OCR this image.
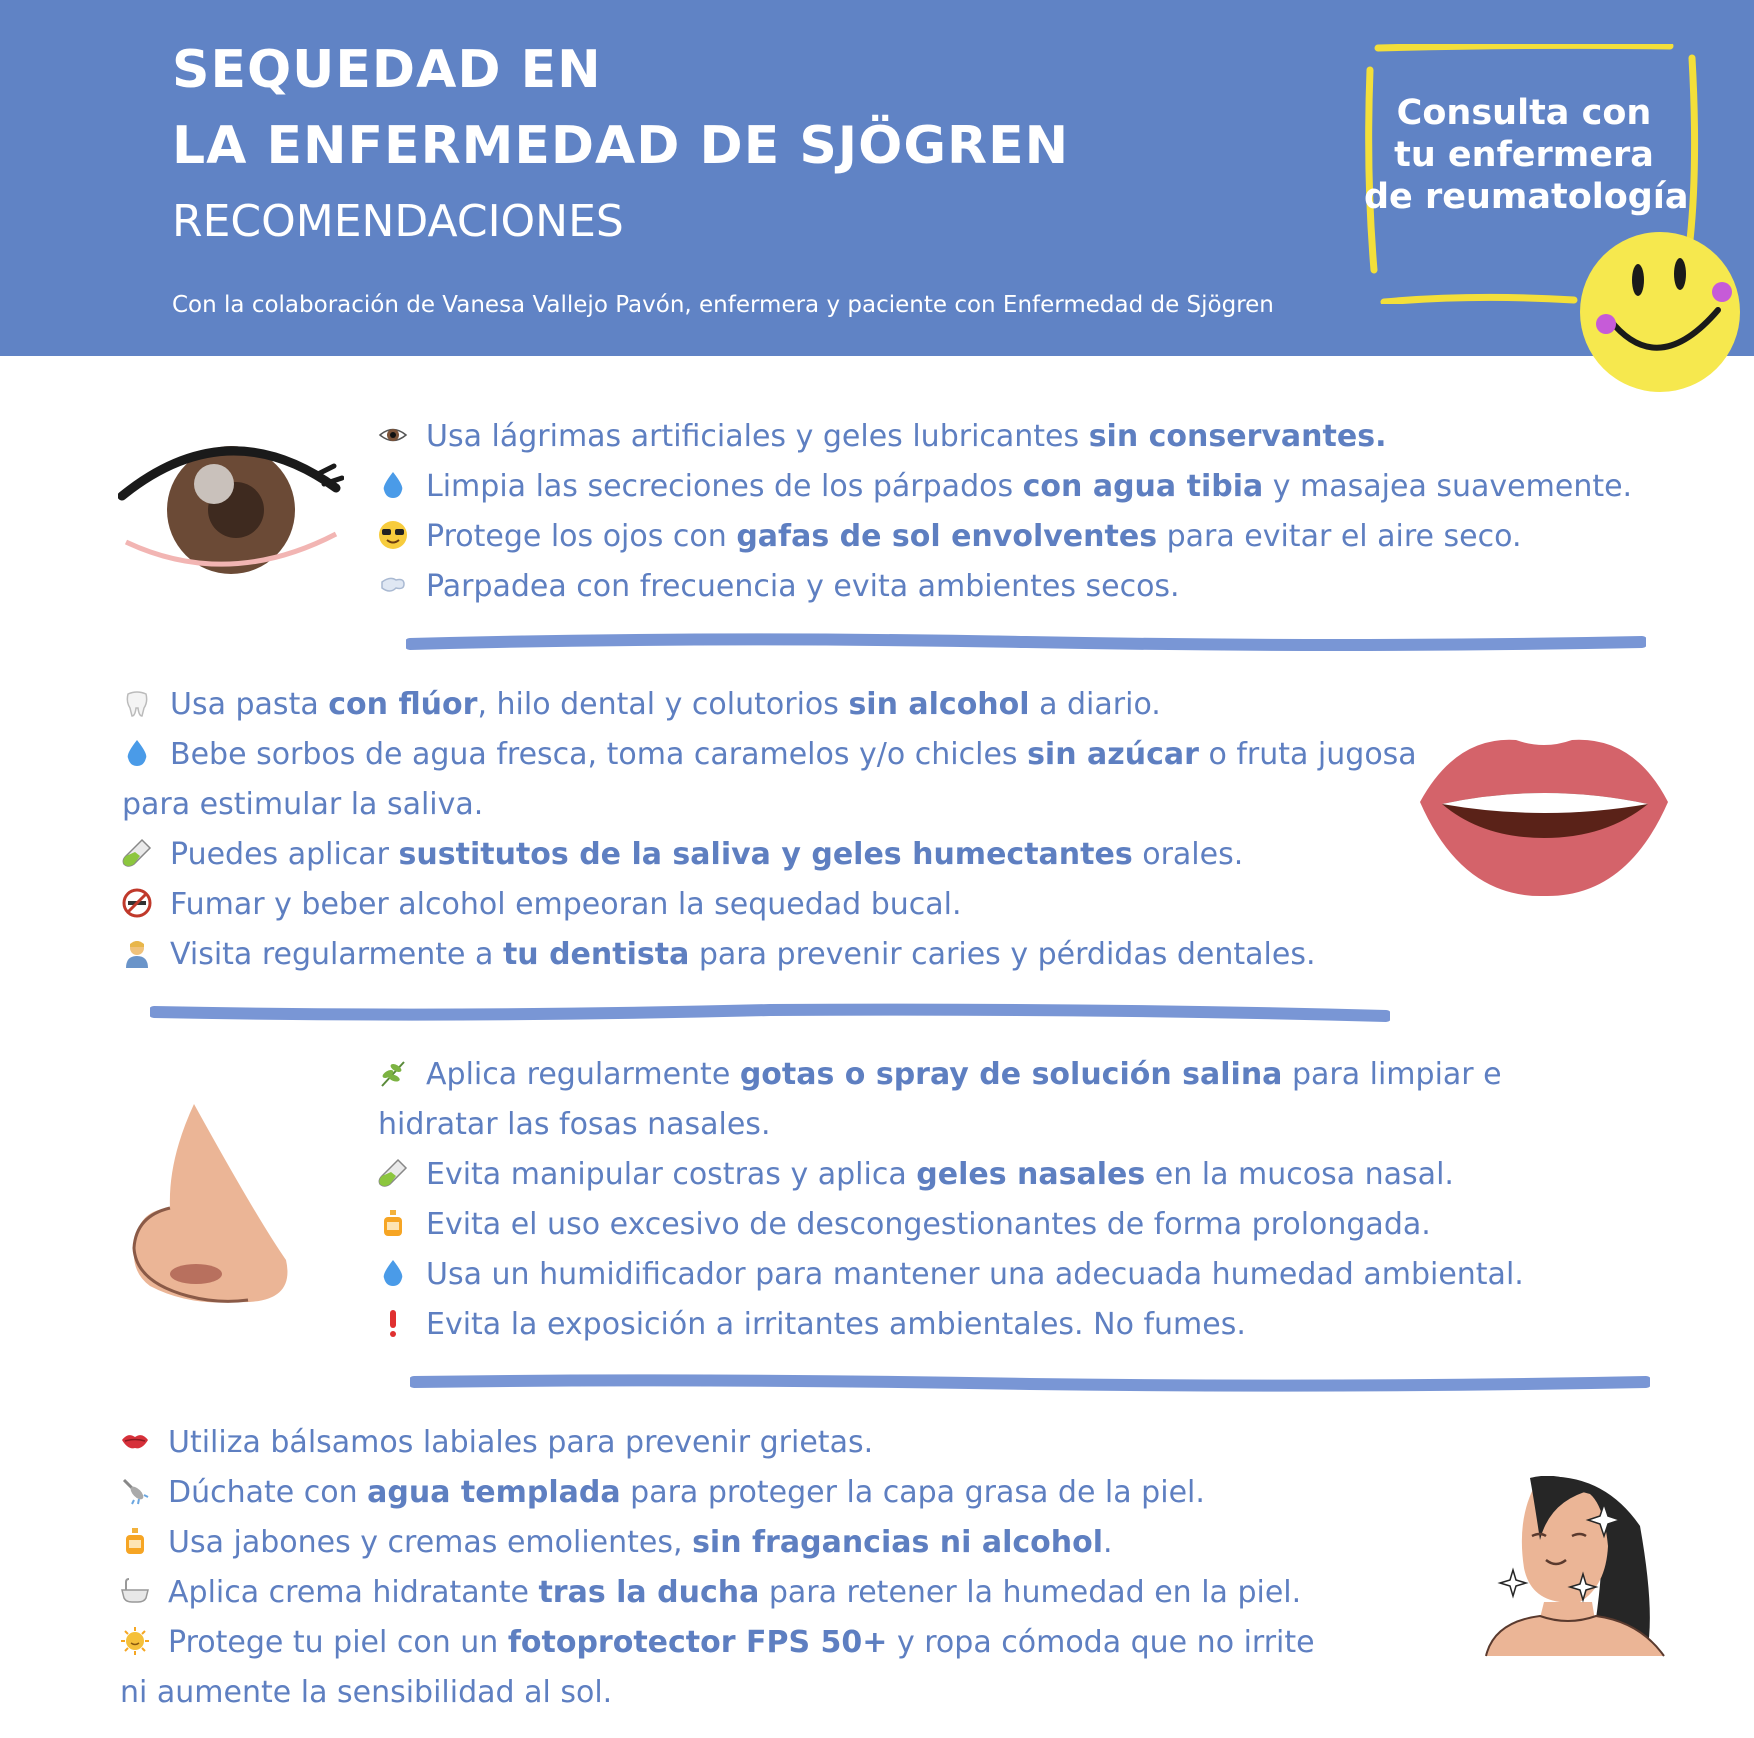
SEQUEDAD EN
LA ENFERMEDAD DE SJÖGREN
RECOMENDACIONES
Con la colaboración de Vanesa Vallejo Pavón, enfermera y paciente con Enfermedad de Sjögren
Consulta con
tu enfermera
de reumatología
Usa lágrimas artificiales y geles lubricantes sin conservantes.
Limpia las secreciones de los párpados con agua tibia y masajea suavemente.
Protege los ojos con gafas de sol envolventes para evitar el aire seco.
Parpadea con frecuencia y evita ambientes secos.
Usa pasta con flúor, hilo dental y colutorios sin alcohol a diario.
Bebe sorbos de agua fresca, toma caramelos y/o chicles sin azúcar o fruta jugosa
para estimular la saliva.
Puedes aplicar sustitutos de la saliva y geles humectantes orales.
Fumar y beber alcohol empeoran la sequedad bucal.
Visita regularmente a tu dentista para prevenir caries y pérdidas dentales.
Aplica regularmente gotas o spray de solución salina para limpiar e
hidratar las fosas nasales.
Evita manipular costras y aplica geles nasales en la mucosa nasal.
Evita el uso excesivo de descongestionantes de forma prolongada.
Usa un humidificador para mantener una adecuada humedad ambiental.
Evita la exposición a irritantes ambientales. No fumes.
Utiliza bálsamos labiales para prevenir grietas.
Dúchate con agua templada para proteger la capa grasa de la piel.
Usa jabones y cremas emolientes, sin fragancias ni alcohol.
Aplica crema hidratante tras la ducha para retener la humedad en la piel.
Protege tu piel con un fotoprotector FPS 50+ y ropa cómoda que no irrite
ni aumente la sensibilidad al sol.
